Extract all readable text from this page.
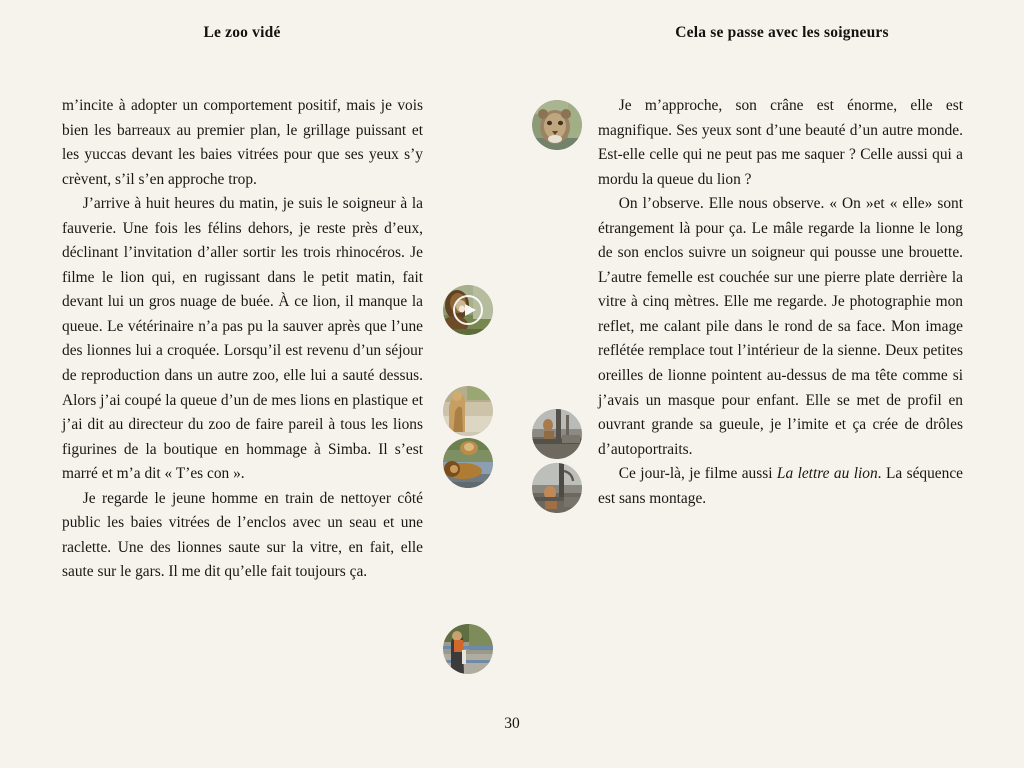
Le zoo vidé	Cela se passe avec les soigneurs

m’incite à adopter un comportement positif, mais je vois bien les barreaux au premier plan, le grillage puissant et les yuccas devant les baies vitrées pour que ses yeux s’y crèvent, s’il s’en approche trop.

J’arrive à huit heures du matin, je suis le soigneur à la fauverie. Une fois les félins dehors, je reste près d’eux, déclinant l’invitation d’aller sortir les trois rhinocéros. Je filme le lion qui, en rugissant dans le petit matin, fait devant lui un gros nuage de buée. À ce lion, il manque la queue. Le vétérinaire n’a pas pu la sauver après que l’une des lionnes lui a croquée. Lorsqu’il est revenu d’un séjour de reproduction dans un autre zoo, elle lui a sauté dessus. Alors j’ai coupé la queue d’un de mes lions en plastique et j’ai dit au directeur du zoo de faire pareil à tous les lions figurines de la boutique en hommage à Simba. Il s’est marré et m’a dit « T’es con ».

Je regarde le jeune homme en train de nettoyer côté public les baies vitrées de l’enclos avec un seau et une raclette. Une des lionnes saute sur la vitre, en fait, elle saute sur le gars. Il me dit qu’elle fait toujours ça.

Je m’approche, son crâne est énorme, elle est magnifique. Ses yeux sont d’une beauté d’un autre monde. Est-elle celle qui ne peut pas me saquer ? Celle aussi qui a mordu la queue du lion ?

On l’observe. Elle nous observe. « On »et « elle» sont étrangement là pour ça. Le mâle regarde la lionne le long de son enclos suivre un soigneur qui pousse une brouette. L’autre femelle est couchée sur une pierre plate derrière la vitre à cinq mètres. Elle me regarde. Je photographie mon reflet, me calant pile dans le rond de sa face. Mon image reflétée remplace tout l’intérieur de la sienne. Deux petites oreilles de lionne pointent au-dessus de ma tête comme si j’avais un masque pour enfant. Elle se met de profil en ouvrant grande sa gueule, je l’imite et ça crée de drôles d’autoportraits.

Ce jour-là, je filme aussi La lettre au lion. La séquence est sans montage.

30
